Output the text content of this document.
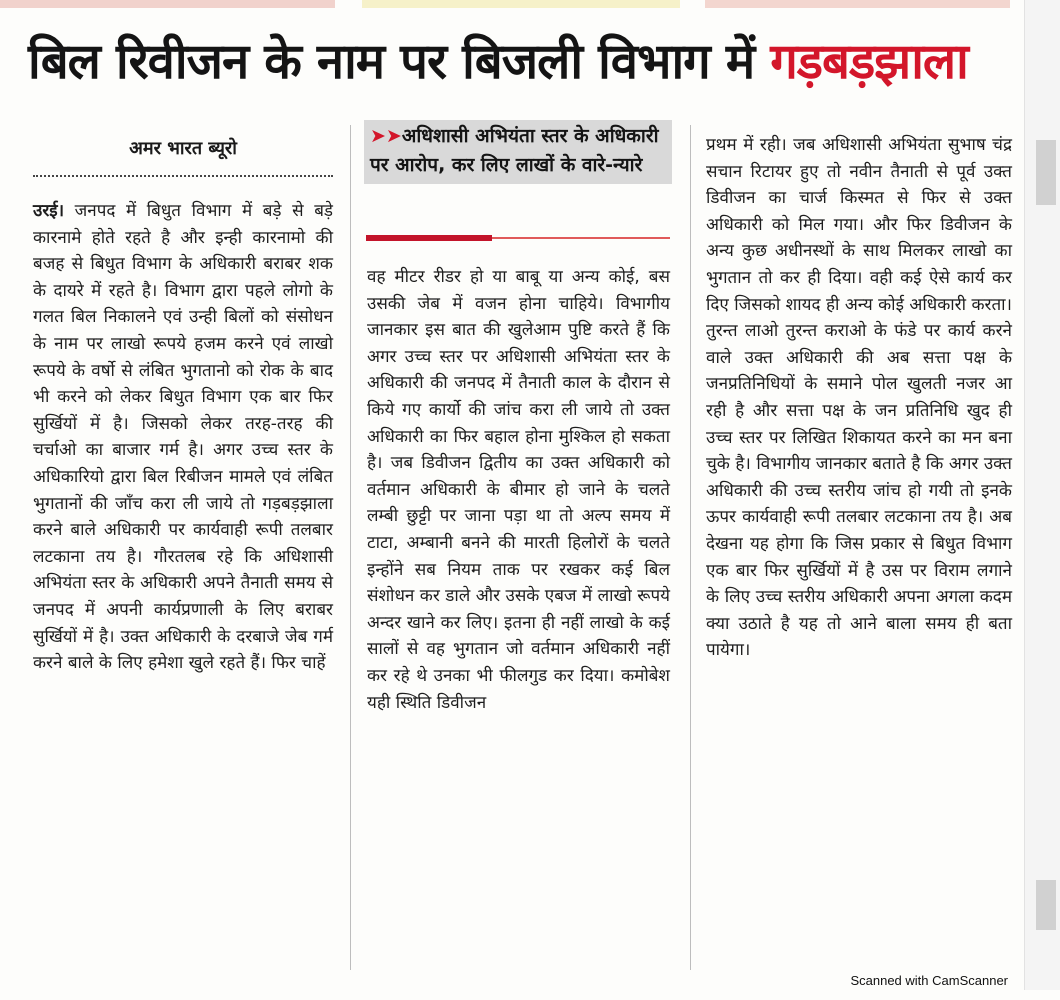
बिल रिवीजन के नाम पर बिजली विभाग में गड़बड़झाला
अमर भारत ब्यूरो
➤➤अधिशासी अभियंता स्तर के अधिकारी पर आरोप, कर लिए लाखों के वारे-न्यारे

उरई। जनपद में बिधुत विभाग में बड़े से बड़े कारनामे होते रहते है और इन्ही कारनामो की बजह से बिधुत विभाग के अधिकारी बराबर शक के दायरे में रहते है। विभाग द्वारा पहले लोगो के गलत बिल निकालने एवं उन्ही बिलों को संसोधन के नाम पर लाखो रूपये हजम करने एवं लाखो रूपये के वर्षो से लंबित भुगतानो को रोक के बाद भी करने को लेकर बिधुत विभाग एक बार फिर सुर्खियों में है। जिसको लेकर तरह-तरह की चर्चाओ का बाजार गर्म है। अगर उच्च स्तर के अधिकारियो द्वारा बिल रिबीजन मामले एवं लंबित भुगतानों की जाँच करा ली जाये तो गड़बड़झाला करने बाले अधिकारी पर कार्यवाही रूपी तलबार लटकाना तय है। गौरतलब रहे कि अधिशासी अभियंता स्तर के अधिकारी अपने तैनाती समय से जनपद में अपनी कार्यप्रणाली के लिए बराबर सुर्खियों में है। उक्त अधिकारी के दरबाजे जेब गर्म करने बाले के लिए हमेशा खुले रहते हैं। फिर चाहें

वह मीटर रीडर हो या बाबू या अन्य कोई, बस उसकी जेब में वजन होना चाहिये। विभागीय जानकार इस बात की खुलेआम पुष्टि करते हैं कि अगर उच्च स्तर पर अधिशासी अभियंता स्तर के अधिकारी की जनपद में तैनाती काल के दौरान से किये गए कार्यो की जांच करा ली जाये तो उक्त अधिकारी का फिर बहाल होना मुश्किल हो सकता है। जब डिवीजन द्वितीय का उक्त अधिकारी को वर्तमान अधिकारी के बीमार हो जाने के चलते लम्बी छुट्टी पर जाना पड़ा था तो अल्प समय में टाटा, अम्बानी बनने की मारती हिलोरों के चलते इन्होंने सब नियम ताक पर रखकर कई बिल संशोधन कर डाले और उसके एबज में लाखो रूपये अन्दर खाने कर लिए। इतना ही नहीं लाखो के कई सालों से वह भुगतान जो वर्तमान अधिकारी नहीं कर रहे थे उनका भी फीलगुड कर दिया। कमोबेश यही स्थिति डिवीजन

प्रथम में रही। जब अधिशासी अभियंता सुभाष चंद्र सचान रिटायर हुए तो नवीन तैनाती से पूर्व उक्त डिवीजन का चार्ज किस्मत से फिर से उक्त अधिकारी को मिल गया। और फिर डिवीजन के अन्य कुछ अधीनस्थों के साथ मिलकर लाखो का भुगतान तो कर ही दिया। वही कई ऐसे कार्य कर दिए जिसको शायद ही अन्य कोई अधिकारी करता। तुरन्त लाओ तुरन्त कराओ के फंडे पर कार्य करने वाले उक्त अधिकारी की अब सत्ता पक्ष के जनप्रतिनिधियों के समाने पोल खुलती नजर आ रही है और सत्ता पक्ष के जन प्रतिनिधि खुद ही उच्च स्तर पर लिखित शिकायत करने का मन बना चुके है। विभागीय जानकार बताते है कि अगर उक्त अधिकारी की उच्च स्तरीय जांच हो गयी तो इनके ऊपर कार्यवाही रूपी तलबार लटकाना तय है। अब देखना यह होगा कि जिस प्रकार से बिधुत विभाग एक बार फिर सुर्खियों में है उस पर विराम लगाने के लिए उच्च स्तरीय अधिकारी अपना अगला कदम क्या उठाते है यह तो आने बाला समय ही बता पायेगा।

Scanned with CamScanner
